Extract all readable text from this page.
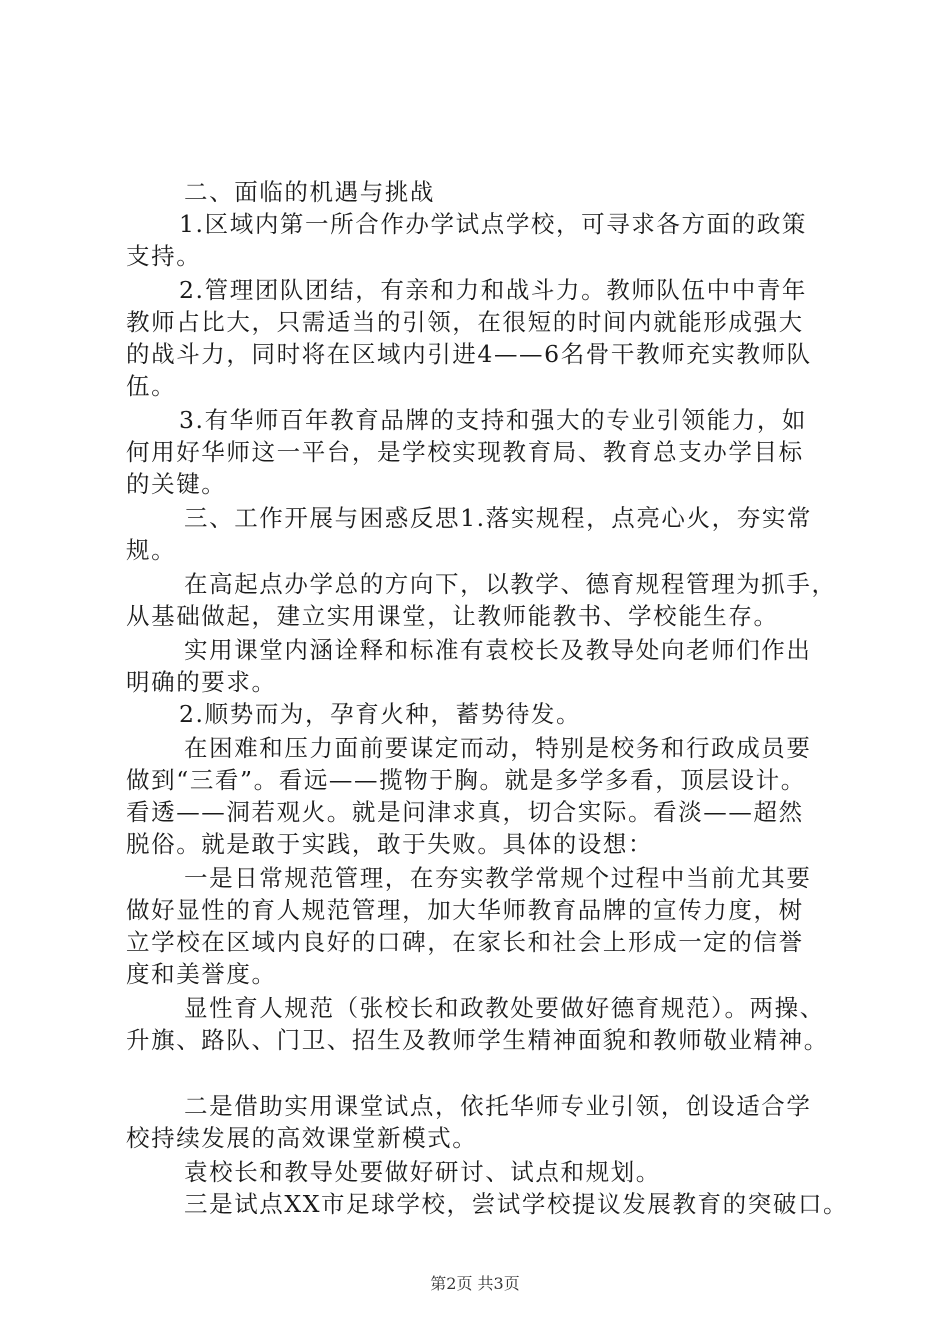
二、面临的机遇与挑战
1.区域内第一所合作办学试点学校，可寻求各方面的政策
支持。
2.管理团队团结，有亲和力和战斗力。教师队伍中中青年
教师占比大，只需适当的引领，在很短的时间内就能形成强大
的战斗力，同时将在区域内引进4——6名骨干教师充实教师队
伍。
3.有华师百年教育品牌的支持和强大的专业引领能力，如
何用好华师这一平台，是学校实现教育局、教育总支办学目标
的关键。
三、工作开展与困惑反思1.落实规程，点亮心火，夯实常
规。
在高起点办学总的方向下，以教学、德育规程管理为抓手，
从基础做起，建立实用课堂，让教师能教书、学校能生存。
实用课堂内涵诠释和标准有袁校长及教导处向老师们作出
明确的要求。
2.顺势而为，孕育火种，蓄势待发。
在困难和压力面前要谋定而动，特别是校务和行政成员要
做到“三看”。看远——揽物于胸。就是多学多看，顶层设计。
看透——洞若观火。就是问津求真，切合实际。看淡——超然
脱俗。就是敢于实践，敢于失败。具体的设想：
一是日常规范管理，在夯实教学常规个过程中当前尤其要
做好显性的育人规范管理，加大华师教育品牌的宣传力度，树
立学校在区域内良好的口碑，在家长和社会上形成一定的信誉
度和美誉度。
显性育人规范（张校长和政教处要做好德育规范）。两操、
升旗、路队、门卫、招生及教师学生精神面貌和教师敬业精神。
二是借助实用课堂试点，依托华师专业引领，创设适合学
校持续发展的高效课堂新模式。
袁校长和教导处要做好研讨、试点和规划。
三是试点XX市足球学校，尝试学校提议发展教育的突破口。
第2页 共3页
